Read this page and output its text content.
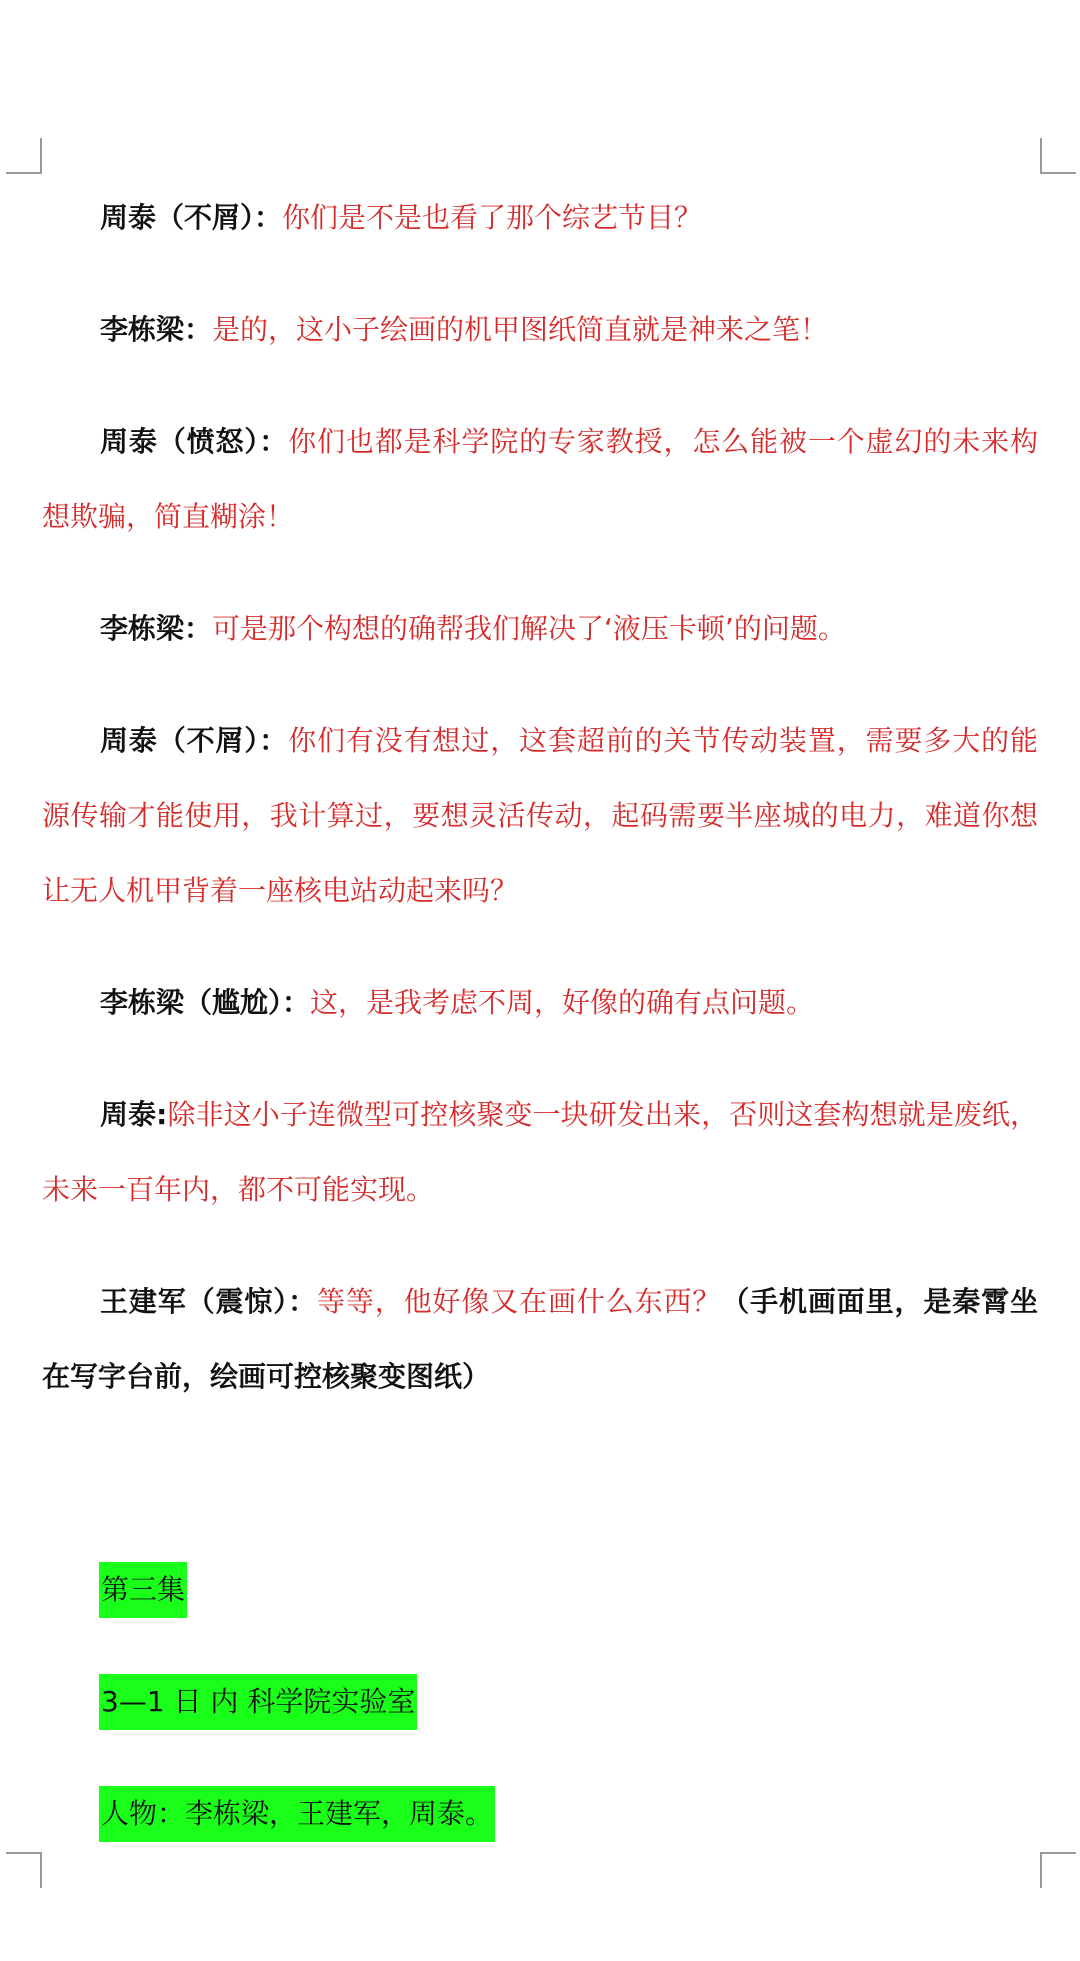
周泰（不屑）：你们是不是也看了那个综艺节目？

李栋梁：是的，这小子绘画的机甲图纸简直就是神来之笔！

周泰（愤怒）：你们也都是科学院的专家教授，怎么能被一个虚幻的未来构想欺骗，简直糊涂！

李栋梁：可是那个构想的确帮我们解决了‘液压卡顿’的问题。

周泰（不屑）：你们有没有想过，这套超前的关节传动装置，需要多大的能源传输才能使用，我计算过，要想灵活传动，起码需要半座城的电力，难道你想让无人机甲背着一座核电站动起来吗？

李栋梁（尴尬）：这，是我考虑不周，好像的确有点问题。

周泰:除非这小子连微型可控核聚变一块研发出来，否则这套构想就是废纸，未来一百年内，都不可能实现。

王建军（震惊）：等等，他好像又在画什么东西？（手机画面里，是秦霄坐在写字台前，绘画可控核聚变图纸）

第三集
3—1 日 内 科学院实验室
人物：李栋梁，王建军，周泰。
